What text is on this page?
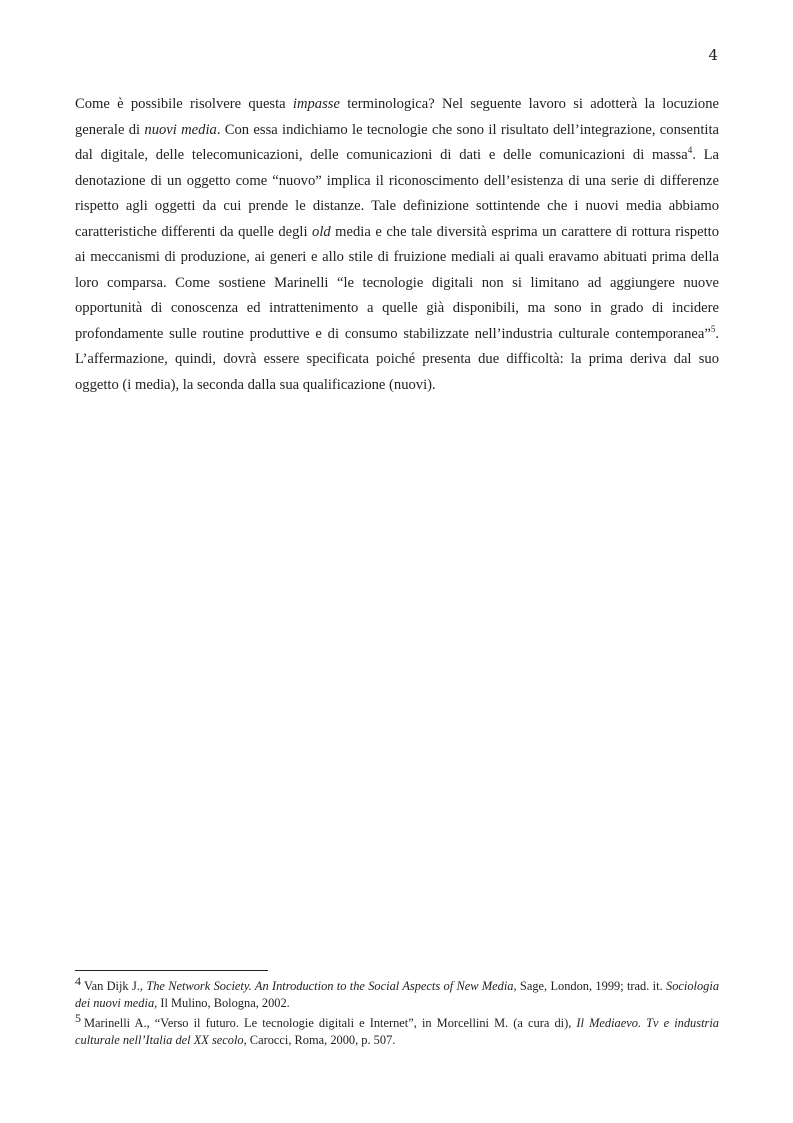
4

Come è possibile risolvere questa impasse terminologica? Nel seguente lavoro si adotterà la locuzione generale di nuovi media. Con essa indichiamo le tecnologie che sono il risultato dell’integrazione, consentita dal digitale, delle telecomunicazioni, delle comunicazioni di dati e delle comunicazioni di massa$^4$. La denotazione di un oggetto come “nuovo” implica il riconoscimento dell’esistenza di una serie di differenze rispetto agli oggetti da cui prende le distanze. Tale definizione sottintende che i nuovi media abbiamo caratteristiche differenti da quelle degli old media e che tale diversità esprima un carattere di rottura rispetto ai meccanismi di produzione, ai generi e allo stile di fruizione mediali ai quali eravamo abituati prima della loro comparsa. Come sostiene Marinelli “le tecnologie digitali non si limitano ad aggiungere nuove opportunità di conoscenza ed intrattenimento a quelle già disponibili, ma sono in grado di incidere profondamente sulle routine produttive e di consumo stabilizzate nell’industria culturale contemporanea”$^5$. L’affermazione, quindi, dovrà essere specificata poiché presenta due difficoltà: la prima deriva dal suo oggetto (i media), la seconda dalla sua qualificazione (nuovi).

4 Van Dijk J., The Network Society. An Introduction to the Social Aspects of New Media, Sage, London, 1999; trad. it. Sociologia dei nuovi media, Il Mulino, Bologna, 2002.

5 Marinelli A., “Verso il futuro. Le tecnologie digitali e Internet”, in Morcellini M. (a cura di), Il Mediaevo. Tv e industria culturale nell’Italia del XX secolo, Carocci, Roma, 2000, p. 507.
